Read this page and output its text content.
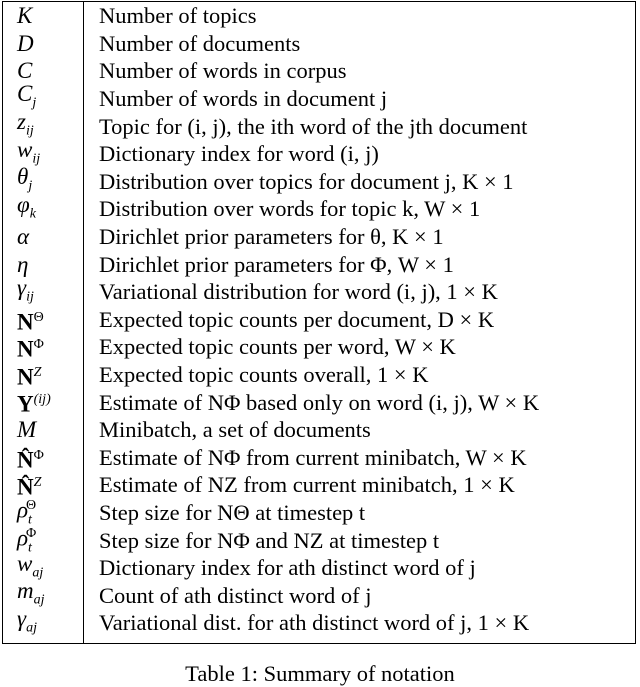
K	Number of topics
D	Number of documents
C	Number of words in corpus
$C_j$	Number of words in document j
$z_{ij}$	Topic for (i, j), the ith word of the jth document
$w_{ij}$	Dictionary index for word (i, j)
$\theta_j$	Distribution over topics for document j, K × 1
$\varphi_k$	Distribution over words for topic k, W × 1
α	Dirichlet prior parameters for θ, K × 1
η	Dirichlet prior parameters for Φ, W × 1
$\gamma_{ij}$	Variational distribution for word (i, j), 1 × K
$N^\Theta$	Expected topic counts per document, D × K
$N^\Phi$	Expected topic counts per word, W × K
$N^Z$	Expected topic counts overall, 1 × K
$Y^{(ij)}$	Estimate of NΦ based only on word (i, j), W × K
M	Minibatch, a set of documents
N̂$^\Phi$	Estimate of NΦ from current minibatch, W × K
N̂$^Z$	Estimate of NZ from current minibatch, 1 × K
$\rho_t^\Theta$	Step size for NΘ at timestep t
$\rho_t^\Phi$	Step size for NΦ and NZ at timestep t
$w_{aj}$	Dictionary index for ath distinct word of j
$m_{aj}$	Count of ath distinct word of j
$\gamma_{aj}$	Variational dist. for ath distinct word of j, 1 × K
Table 1: Summary of notation
